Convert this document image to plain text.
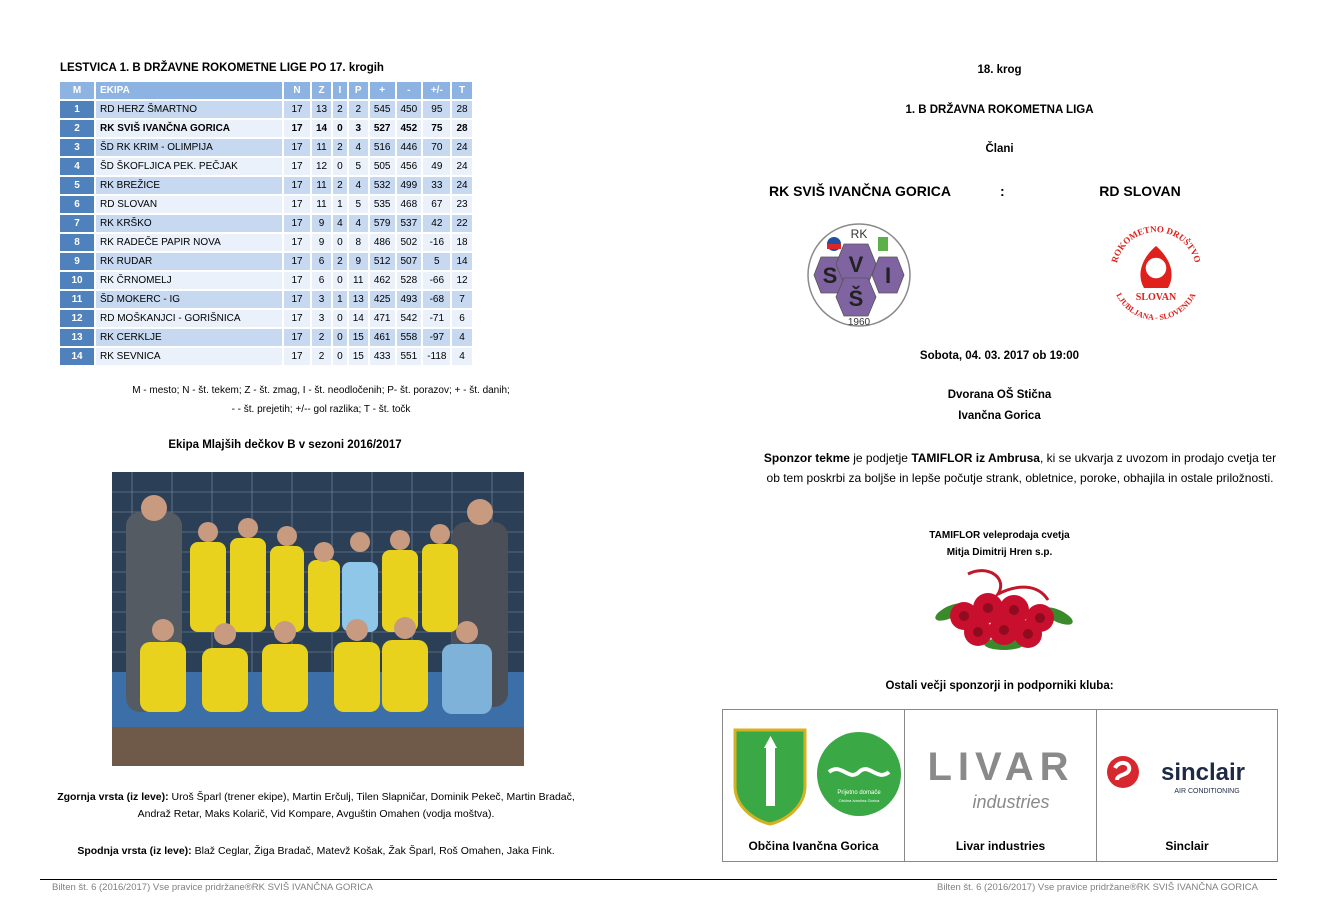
LESTVICA 1. B DRŽAVNE ROKOMETNE LIGE PO 17. krogih
M	EKIPA	N	Z	I	P	+	-	+/-	T
1	RD HERZ ŠMARTNO	17	13	2	2	545	450	95	28
2	RK SVIŠ IVANČNA GORICA	17	14	0	3	527	452	75	28
3	ŠD RK KRIM - OLIMPIJA	17	11	2	4	516	446	70	24
4	ŠD ŠKOFLJICA PEK. PEČJAK	17	12	0	5	505	456	49	24
5	RK BREŽICE	17	11	2	4	532	499	33	24
6	RD SLOVAN	17	11	1	5	535	468	67	23
7	RK KRŠKO	17	9	4	4	579	537	42	22
8	RK RADEČE PAPIR NOVA	17	9	0	8	486	502	-16	18
9	RK RUDAR	17	6	2	9	512	507	5	14
10	RK ČRNOMELJ	17	6	0	11	462	528	-66	12
11	ŠD MOKERC - IG	17	3	1	13	425	493	-68	7
12	RD MOŠKANJCI - GORIŠNICA	17	3	0	14	471	542	-71	6
13	RK CERKLJE	17	2	0	15	461	558	-97	4
14	RK SEVNICA	17	2	0	15	433	551	-118	4
M - mesto; N - št. tekem; Z - št. zmag, I - št. neodločenih; P- št. porazov; + - št. danih;
- - št. prejetih; +/-- gol razlika; T - št. točk
Ekipa Mlajših dečkov B v sezoni 2016/2017
Zgornja vrsta (iz leve): Uroš Šparl (trener ekipe), Martin Erčulj, Tilen Slapničar, Dominik Pekeč, Martin Bradač, Andraž Retar, Maks Kolarič, Vid Kompare, Avguštin Omahen (vodja moštva).
Spodnja vrsta (iz leve): Blaž Ceglar, Žiga Bradač, Matevž Košak, Žak Šparl, Roš Omahen, Jaka Fink.
18. krog
1. B DRŽAVNA ROKOMETNA LIGA
Člani
RK SVIŠ IVANČNA GORICA	:	RD SLOVAN
RK
S V I
Š
1960
ROKOMETNO DRUŠTVO
LJUBLJANA - SLOVENIJA
SLOVAN
Sobota, 04. 03. 2017 ob 19:00
Dvorana OŠ Stična
Ivančna Gorica
Sponzor tekme je podjetje TAMIFLOR iz Ambrusa, ki se ukvarja z uvozom in prodajo cvetja ter ob tem poskrbi za boljše in lepše počutje strank, obletnice, poroke, obhajila in ostale priložnosti.
TAMIFLOR veleprodaja cvetja
Mitja Dimitrij Hren s.p.
Ostali večji sponzorji in podporniki kluba:
Prijetno domače
Občina Ivančna Gorica
Občina Ivančna Gorica
LIVAR
industries
Livar industries
sinclair
AIR CONDITIONING
Sinclair
Bilten št. 6 (2016/2017) Vse pravice pridržane®RK SVIŠ IVANČNA GORICA	Bilten št. 6 (2016/2017) Vse pravice pridržane®RK SVIŠ IVANČNA GORICA
